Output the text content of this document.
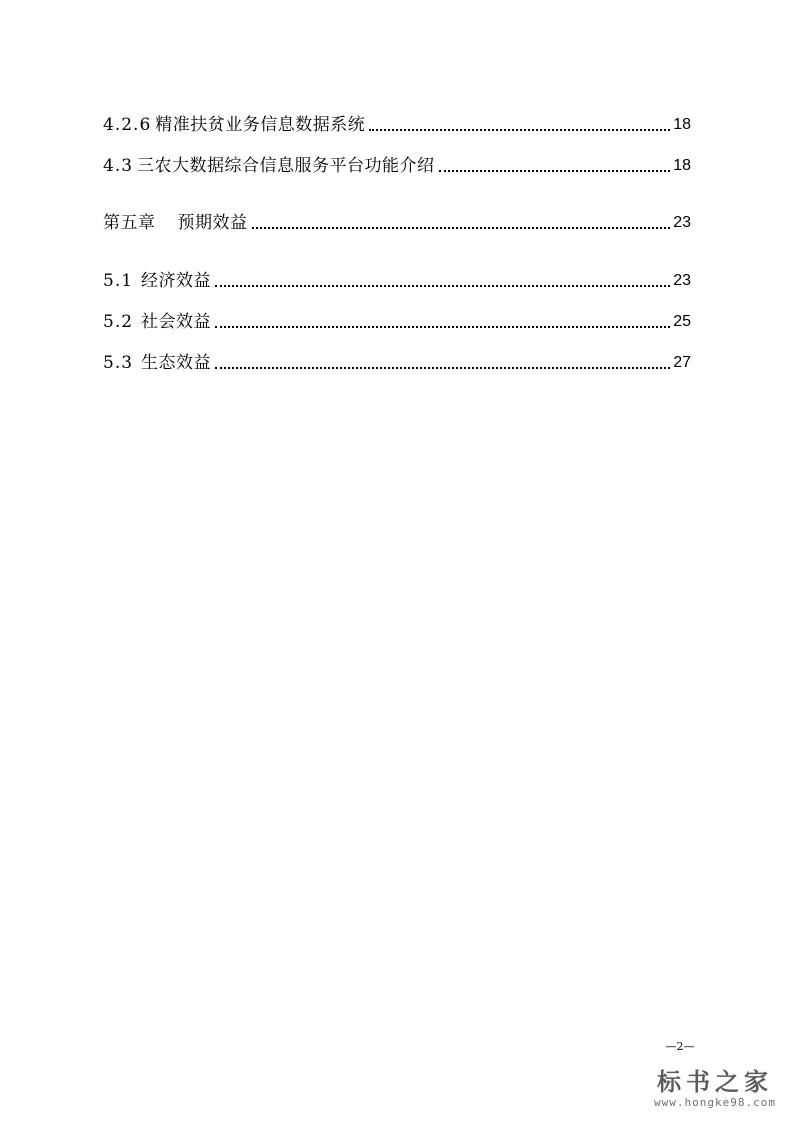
4.2.6 精准扶贫业务信息数据系统	18
4.3 三农大数据综合信息服务平台功能介绍	18
第五章 预期效益	23
5.1 经济效益	23
5.2 社会效益	25
5.3 生态效益	27
—2—
标书之家
www.hongke98.com
